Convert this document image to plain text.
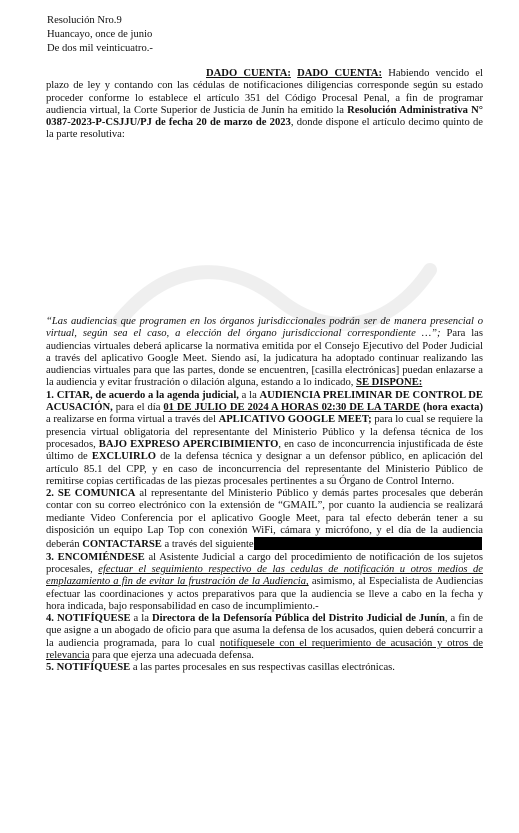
Resolución Nro.9
Huancayo, once de junio
De dos mil veinticuatro.-

DADO CUENTA: DADO CUENTA: Habiendo vencido el plazo de ley y contando con las cédulas de notificaciones diligencias corresponde según su estado proceder conforme lo establece el artículo 351 del Código Procesal Penal, a fin de programar audiencia virtual, la Corte Superior de Justicia de Junín ha emitido la Resolución Administrativa N° 0387-2023-P-CSJJU/PJ de fecha 20 de marzo de 2023, donde dispone el artículo decimo quinto de la parte resolutiva:

“Las audiencias que programen en los órganos jurisdiccionales podrán ser de manera presencial o virtual, según sea el caso, a elección del órgano jurisdiccional correspondiente …”; Para las audiencias virtuales deberá aplicarse la normativa emitida por el Consejo Ejecutivo del Poder Judicial a través del aplicativo Google Meet. Siendo así, la judicatura ha adoptado continuar realizando las audiencias virtuales para que las partes, donde se encuentren, [casilla electrónicas] puedan enlazarse a la audiencia y evitar frustración o dilación alguna, estando a lo indicado, SE DISPONE:

1. CITAR, de acuerdo a la agenda judicial, a la AUDIENCIA PRELIMINAR DE CONTROL DE ACUSACIÓN, para el día 01 DE JULIO DE 2024 A HORAS 02:30 DE LA TARDE (hora exacta) a realizarse en forma virtual a través del APLICATIVO GOOGLE MEET; para lo cual se requiere la presencia virtual obligatoria del representante del Ministerio Público y la defensa técnica de los procesados, BAJO EXPRESO APERCIBIMIENTO, en caso de inconcurrencia injustificada de éste último de EXCLUIRLO de la defensa técnica y designar a un defensor público, en aplicación del artículo 85.1 del CPP, y en caso de inconcurrencia del representante del Ministerio Público de remitirse copias certificadas de las piezas procesales pertinentes a su Órgano de Control Interno.

2. SE COMUNICA al representante del Ministerio Público y demás partes procesales que deberán contar con su correo electrónico con la extensión de “GMAIL”, por cuanto la audiencia se realizará mediante Video Conferencia por el aplicativo Google Meet, para tal efecto deberán tener a su disposición un equipo Lap Top con conexión WiFi, cámara y micrófono, y el día de la audiencia deberán CONTACTARSE a través del siguiente

3. ENCOMIÉNDESE al Asistente Judicial a cargo del procedimiento de notificación de los sujetos procesales, efectuar el seguimiento respectivo de las cedulas de notificación u otros medios de emplazamiento a fin de evitar la frustración de la Audiencia, asimismo, al Especialista de Audiencias efectuar las coordinaciones y actos preparativos para que la audiencia se lleve a cabo en la fecha y hora indicada, bajo responsabilidad en caso de incumplimiento.-

4. NOTIFÍQUESE a la Directora de la Defensoría Pública del Distrito Judicial de Junín, a fin de que asigne a un abogado de oficio para que asuma la defensa de los acusados, quien deberá concurrir a la audiencia programada, para lo cual notifíquesele con el requerimiento de acusación y otros de relevancia para que ejerza una adecuada defensa.

5. NOTIFÍQUESE a las partes procesales en sus respectivas casillas electrónicas.
